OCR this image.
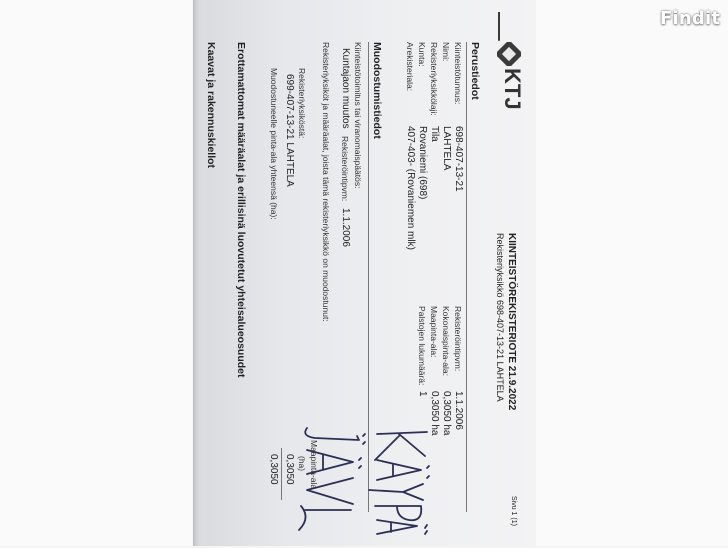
Findit
KTJ
KIINTEISTÖREKISTERIOTE 21.9.2022
Rekisteriyksikkö 698-407-13-21 LAHTELA
Sivu 1 (1)
Perustiedot
Kiinteistötunnus:
698-407-13-21
Nimi:
LAHTELA
Rekisteriyksikkölaji:
Tila
Kunta:
Rovaniemi (698)
Arekisteriala:
407-403- (Rovaniemen mlk)
Rekisteröintipvm:
1.1.2006
Kokonaispinta-ala:
0,3050 ha
Maapinta-ala:
0,3050 ha
Palstojen lukumäärä:
1
Muodostumistiedot
Kiinteistötoimitus tai viranomaispäätös:
Kuntajaon muutos
Rekisteröintipvm:
1.1.2006
Rekisteriyksiköt ja määräalat, joista tämä rekisteriyksikkö on muodostunut:
Maapinta-ala
(ha)
Rekisteriyksiköstä:
699-407-13-21 LAHTELA
0,3050
Muodostuneelle pinta-ala yhteensä (ha):
0,3050
Erottamattomat määräalat ja erillisinä luovutetut yhteisalueosuudet
Kaavat ja rakennuskiellot
